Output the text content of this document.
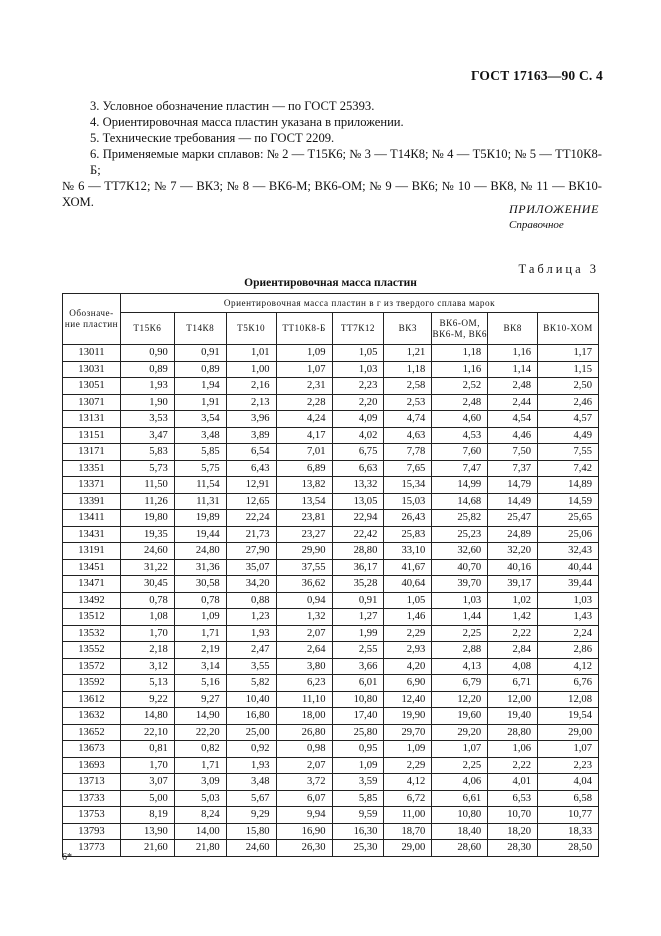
ГОСТ 17163—90 С. 4

3. Условное обозначение пластин — по ГОСТ 25393.

4. Ориентировочная масса пластин указана в приложении.

5. Технические требования — по ГОСТ 2209.

6. Применяемые марки сплавов: № 2 — Т15К6; № 3 — Т14К8; № 4 — Т5К10; № 5 — ТТ10К8-Б;

№ 6 — ТТ7К12; № 7 — ВК3; № 8 — ВК6-М; ВК6-ОМ; № 9 — ВК6; № 10 — ВК8, № 11 — ВК10-ХОМ.	ПРИЛОЖЕНИЕ
Справочное
Таблица 3
Ориентировочная масса пластин
Обозначе-ние пластин	Ориентировочная масса пластин в г из твердого сплава марок								
	Т15К6	Т14К8	Т5К10	ТТ10К8-Б	ТТ7К12	ВК3	ВК6-ОМ, ВК6-М, ВК6	ВК8	ВК10-ХОМ
13011	0,90	0,91	1,01	1,09	1,05	1,21	1,18	1,16	1,17
13031	0,89	0,89	1,00	1,07	1,03	1,18	1,16	1,14	1,15
13051	1,93	1,94	2,16	2,31	2,23	2,58	2,52	2,48	2,50
13071	1,90	1,91	2,13	2,28	2,20	2,53	2,48	2,44	2,46
13131	3,53	3,54	3,96	4,24	4,09	4,74	4,60	4,54	4,57
13151	3,47	3,48	3,89	4,17	4,02	4,63	4,53	4,46	4,49
13171	5,83	5,85	6,54	7,01	6,75	7,78	7,60	7,50	7,55
13351	5,73	5,75	6,43	6,89	6,63	7,65	7,47	7,37	7,42
13371	11,50	11,54	12,91	13,82	13,32	15,34	14,99	14,79	14,89
13391	11,26	11,31	12,65	13,54	13,05	15,03	14,68	14,49	14,59
13411	19,80	19,89	22,24	23,81	22,94	26,43	25,82	25,47	25,65
13431	19,35	19,44	21,73	23,27	22,42	25,83	25,23	24,89	25,06
13191	24,60	24,80	27,90	29,90	28,80	33,10	32,60	32,20	32,43
13451	31,22	31,36	35,07	37,55	36,17	41,67	40,70	40,16	40,44
13471	30,45	30,58	34,20	36,62	35,28	40,64	39,70	39,17	39,44
13492	0,78	0,78	0,88	0,94	0,91	1,05	1,03	1,02	1,03
13512	1,08	1,09	1,23	1,32	1,27	1,46	1,44	1,42	1,43
13532	1,70	1,71	1,93	2,07	1,99	2,29	2,25	2,22	2,24
13552	2,18	2,19	2,47	2,64	2,55	2,93	2,88	2,84	2,86
13572	3,12	3,14	3,55	3,80	3,66	4,20	4,13	4,08	4,12
13592	5,13	5,16	5,82	6,23	6,01	6,90	6,79	6,71	6,76
13612	9,22	9,27	10,40	11,10	10,80	12,40	12,20	12,00	12,08
13632	14,80	14,90	16,80	18,00	17,40	19,90	19,60	19,40	19,54
13652	22,10	22,20	25,00	26,80	25,80	29,70	29,20	28,80	29,00
13673	0,81	0,82	0,92	0,98	0,95	1,09	1,07	1,06	1,07
13693	1,70	1,71	1,93	2,07	1,09	2,29	2,25	2,22	2,23
13713	3,07	3,09	3,48	3,72	3,59	4,12	4,06	4,01	4,04
13733	5,00	5,03	5,67	6,07	5,85	6,72	6,61	6,53	6,58
13753	8,19	8,24	9,29	9,94	9,59	11,00	10,80	10,70	10,77
13793	13,90	14,00	15,80	16,90	16,30	18,70	18,40	18,20	18,33
13773	21,60	21,80	24,60	26,30	25,30	29,00	28,60	28,30	28,50
6*
